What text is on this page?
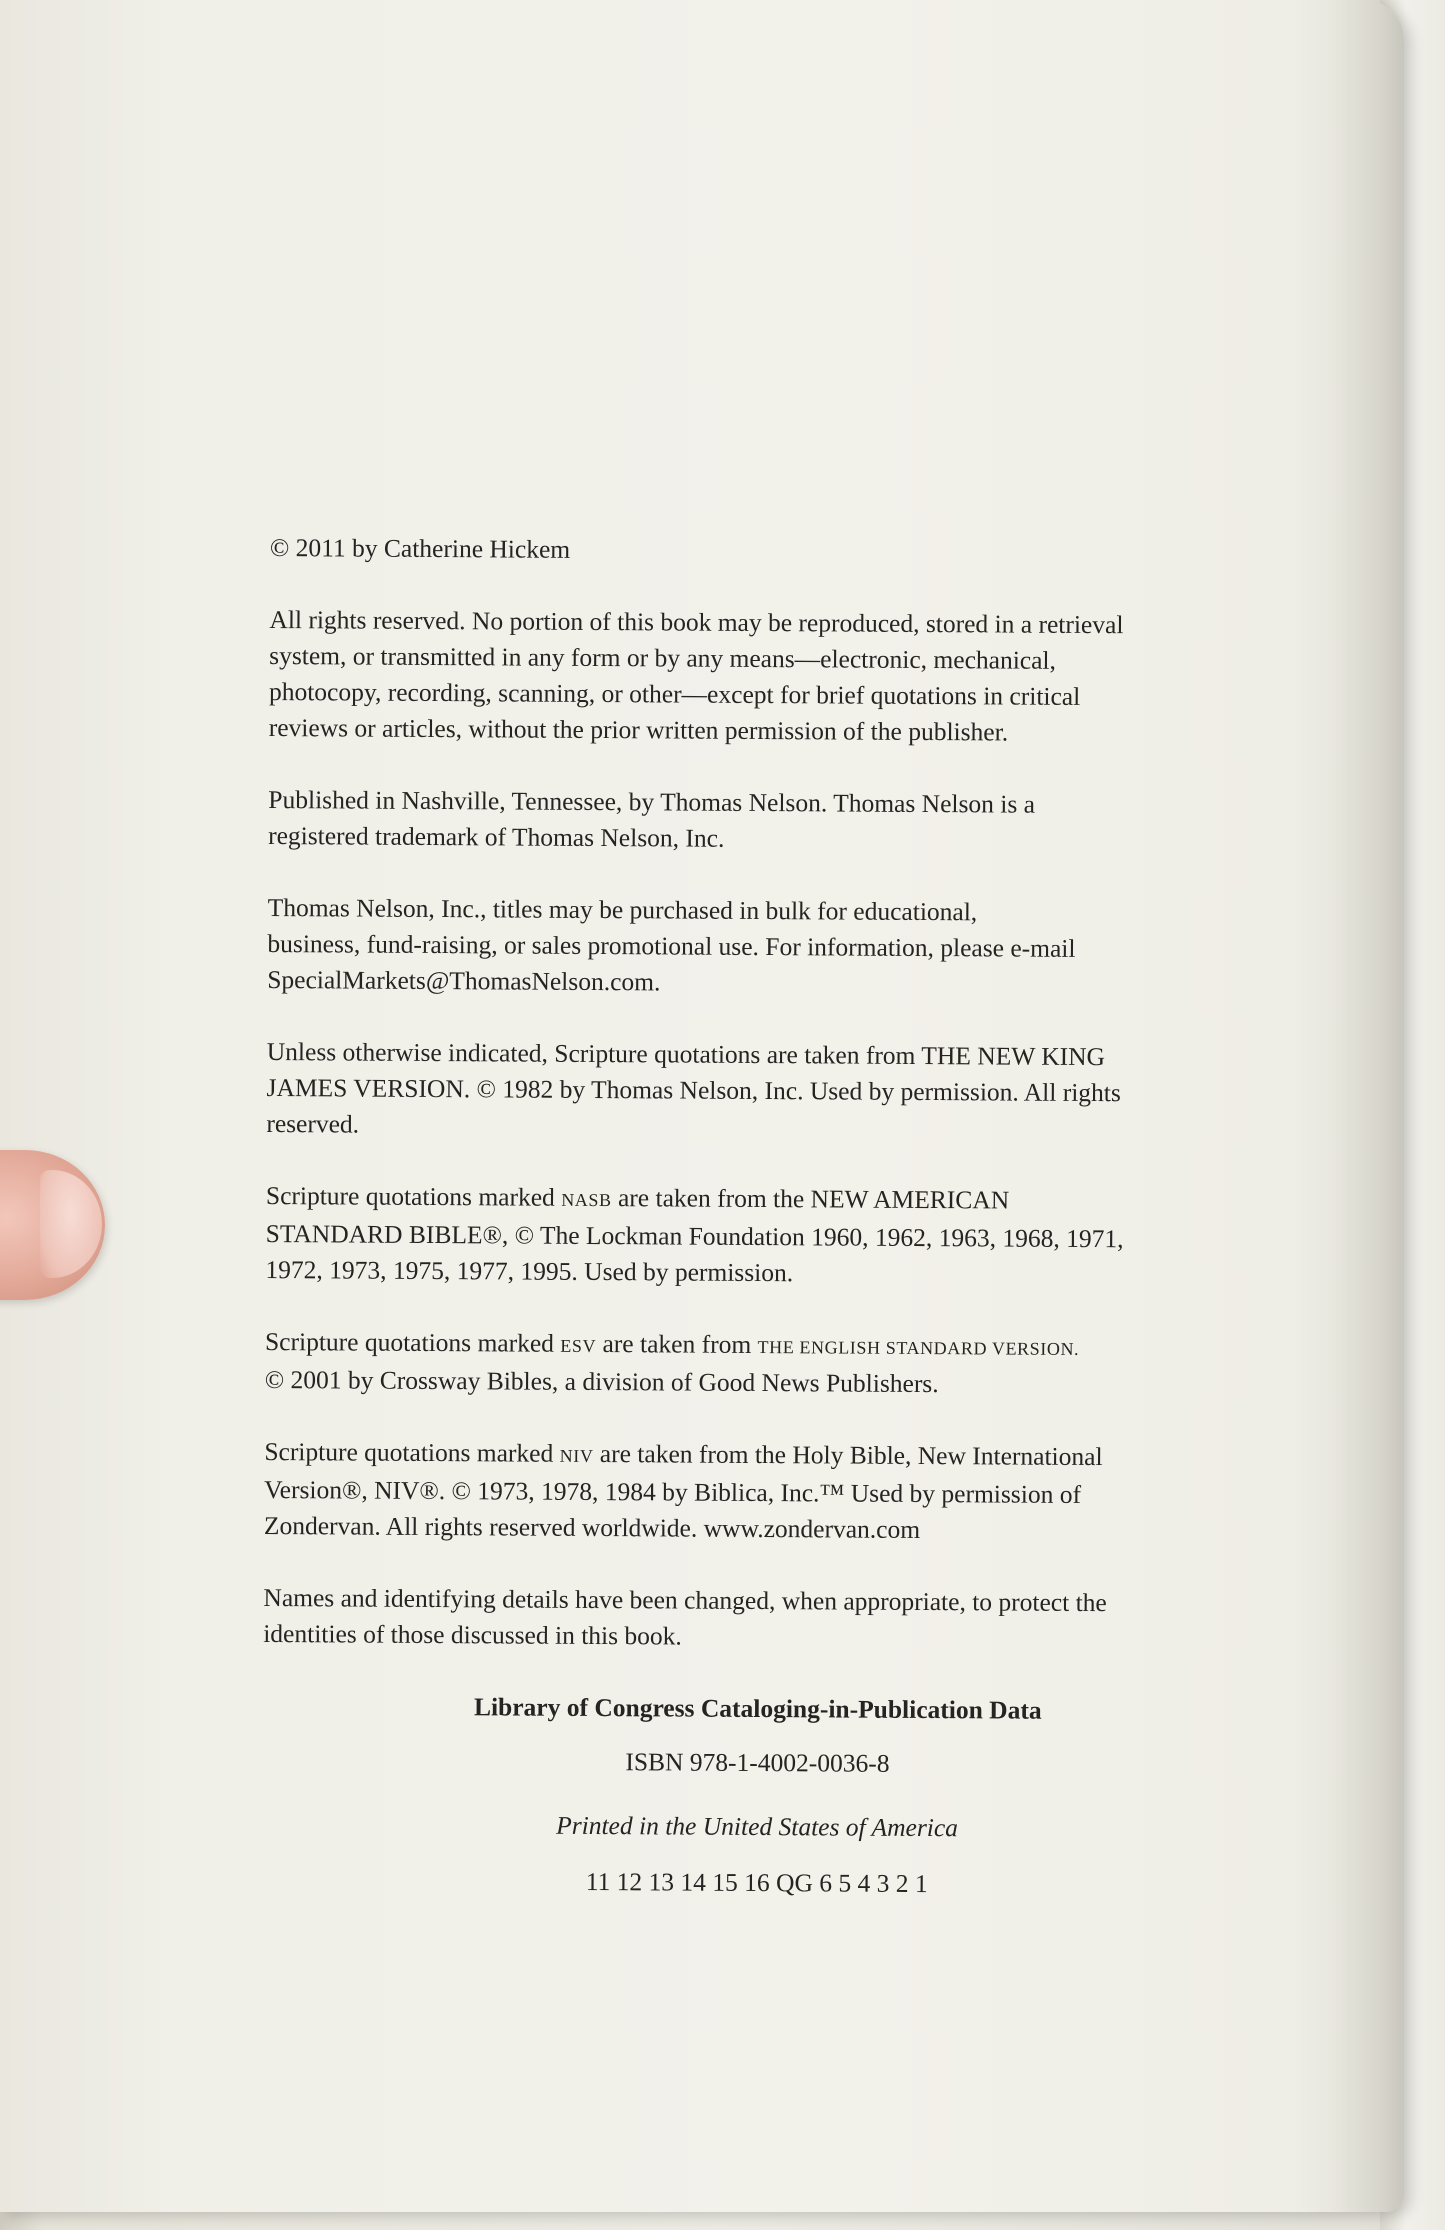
© 2011 by Catherine Hickem
All rights reserved. No portion of this book may be reproduced, stored in a retrieval
system, or transmitted in any form or by any means—electronic, mechanical,
photocopy, recording, scanning, or other—except for brief quotations in critical
reviews or articles, without the prior written permission of the publisher.
Published in Nashville, Tennessee, by Thomas Nelson. Thomas Nelson is a
registered trademark of Thomas Nelson, Inc.
Thomas Nelson, Inc., titles may be purchased in bulk for educational,
business, fund-raising, or sales promotional use. For information, please e-mail
SpecialMarkets@ThomasNelson.com.
Unless otherwise indicated, Scripture quotations are taken from THE NEW KING
JAMES VERSION. © 1982 by Thomas Nelson, Inc. Used by permission. All rights
reserved.
Scripture quotations marked NASB are taken from the NEW AMERICAN
STANDARD BIBLE®, © The Lockman Foundation 1960, 1962, 1963, 1968, 1971,
1972, 1973, 1975, 1977, 1995. Used by permission.
Scripture quotations marked ESV are taken from THE ENGLISH STANDARD VERSION.
© 2001 by Crossway Bibles, a division of Good News Publishers.
Scripture quotations marked NIV are taken from the Holy Bible, New International
Version®, NIV®. © 1973, 1978, 1984 by Biblica, Inc.™ Used by permission of
Zondervan. All rights reserved worldwide. www.zondervan.com
Names and identifying details have been changed, when appropriate, to protect the
identities of those discussed in this book.
Library of Congress Cataloging-in-Publication Data
ISBN 978-1-4002-0036-8
Printed in the United States of America
11 12 13 14 15 16 QG 6 5 4 3 2 1
